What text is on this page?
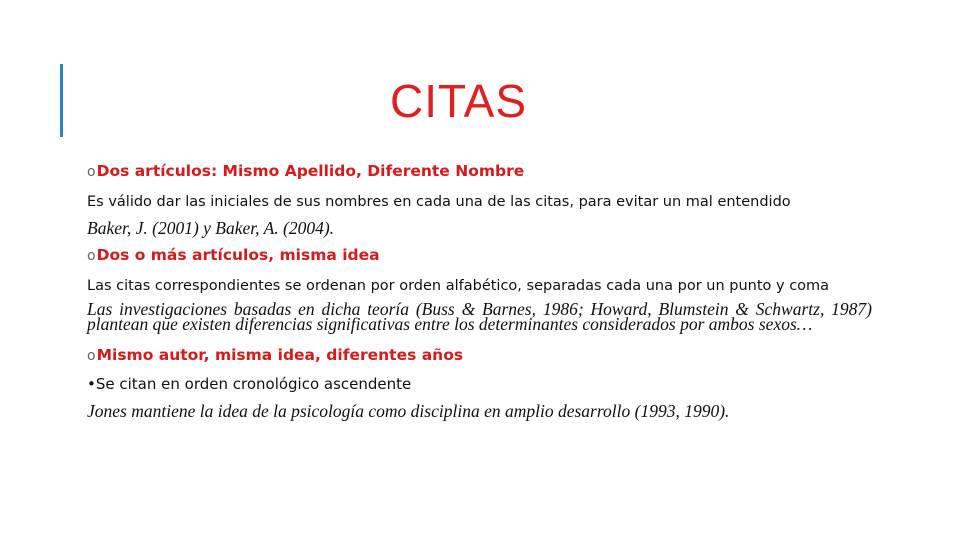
CITAS
oDos artículos: Mismo Apellido, Diferente Nombre
Es válido dar las iniciales de sus nombres en cada una de las citas, para evitar un mal entendido
Baker, J. (2001) y Baker, A. (2004).
oDos o más artículos, misma idea
Las citas correspondientes se ordenan por orden alfabético, separadas cada una por un punto y coma
Las investigaciones basadas en dicha teoría (Buss & Barnes, 1986; Howard, Blumstein & Schwartz, 1987) plantean que existen diferencias significativas entre los determinantes considerados por ambos sexos…
oMismo autor, misma idea, diferentes años
•Se citan en orden cronológico ascendente
Jones mantiene la idea de la psicología como disciplina en amplio desarrollo (1993, 1990).
